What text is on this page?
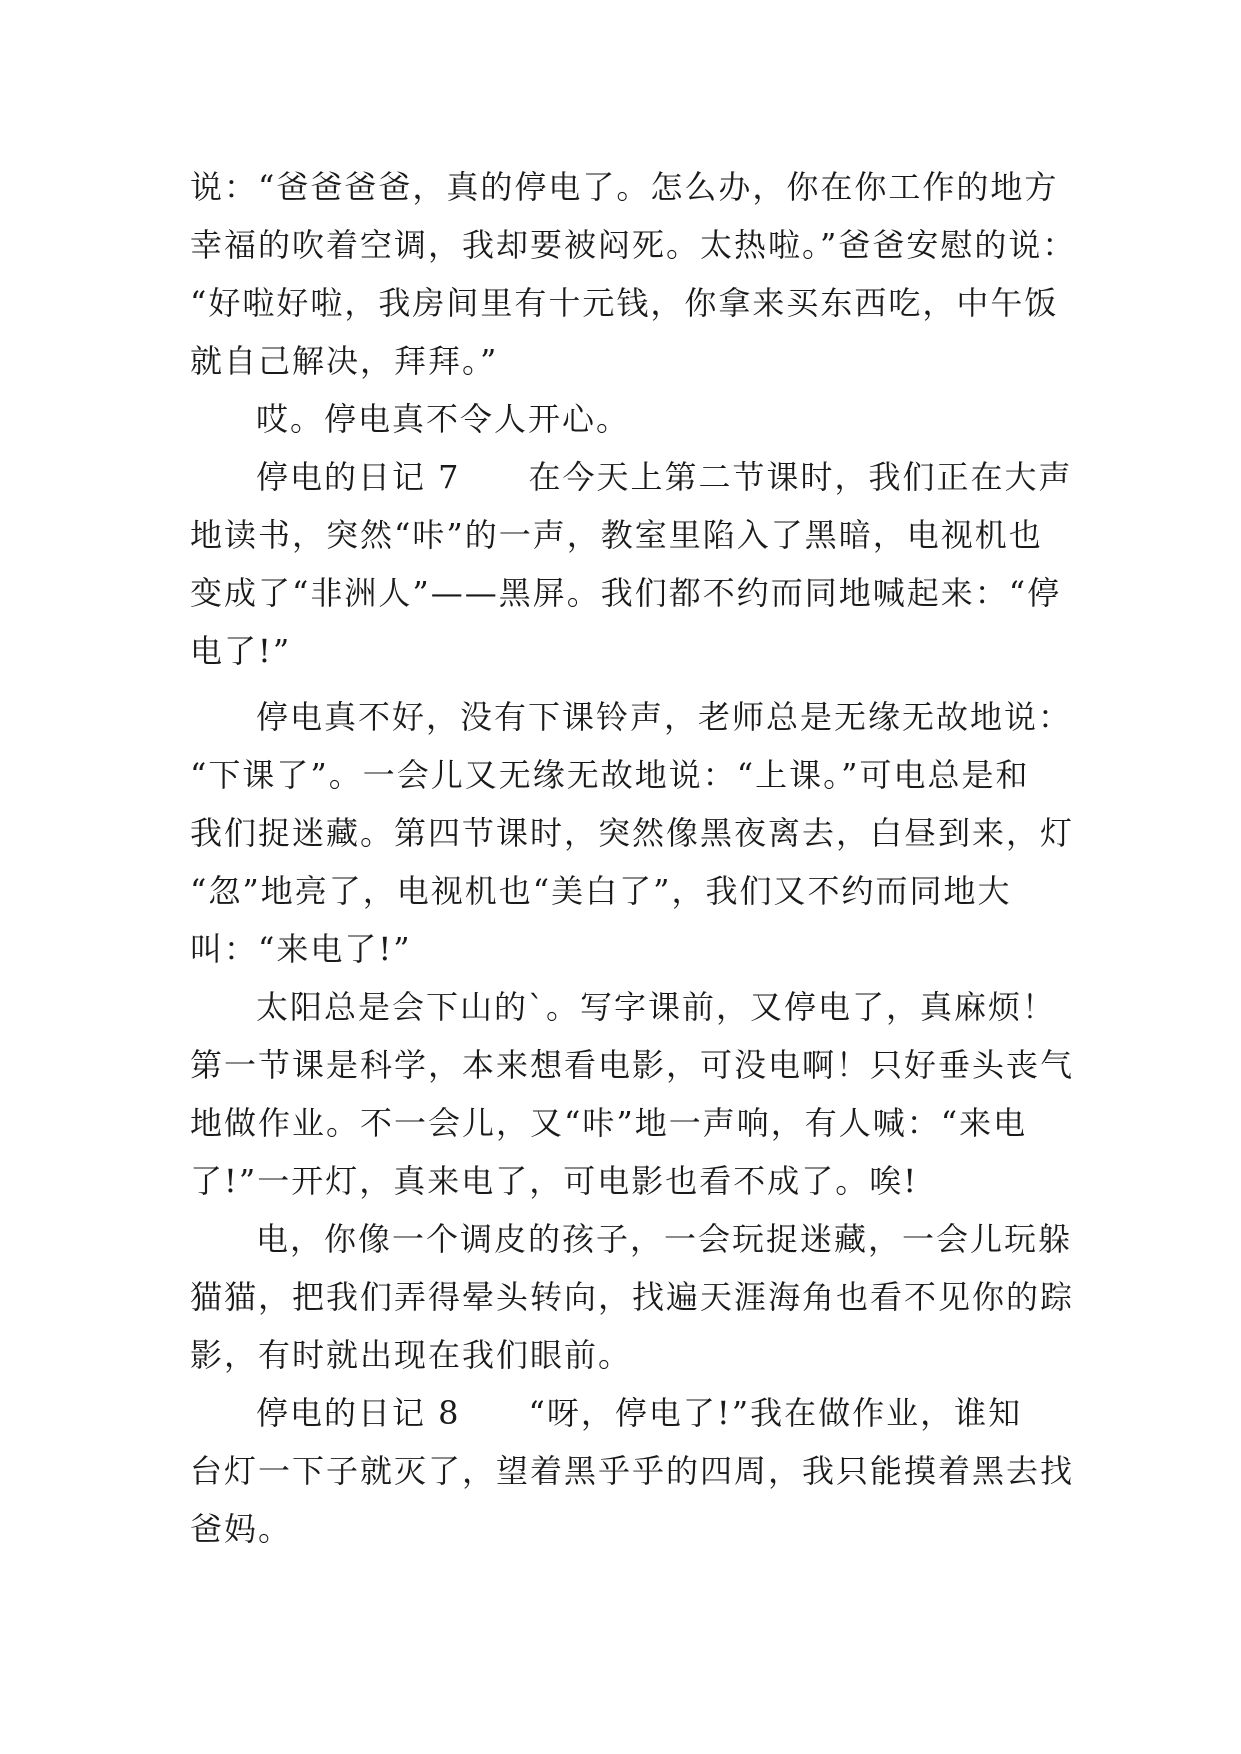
说：“爸爸爸爸，真的停电了。怎么办，你在你工作的地方
幸福的吹着空调，我却要被闷死。太热啦。”爸爸安慰的说：
“好啦好啦，我房间里有十元钱，你拿来买东西吃，中午饭
就自己解决，拜拜。”
哎。停电真不令人开心。
停电的日记 7　　在今天上第二节课时，我们正在大声
地读书，突然“咔”的一声，教室里陷入了黑暗，电视机也
变成了“非洲人”——黑屏。我们都不约而同地喊起来：“停
电了!”
停电真不好，没有下课铃声，老师总是无缘无故地说：
“下课了”。一会儿又无缘无故地说：“上课。”可电总是和
我们捉迷藏。第四节课时，突然像黑夜离去，白昼到来，灯
“忽”地亮了，电视机也“美白了”，我们又不约而同地大
叫：“来电了!”
太阳总是会下山的`。写字课前，又停电了，真麻烦！
第一节课是科学，本来想看电影，可没电啊！只好垂头丧气
地做作业。不一会儿，又“咔”地一声响，有人喊：“来电
了!”一开灯，真来电了，可电影也看不成了。唉!
电，你像一个调皮的孩子，一会玩捉迷藏，一会儿玩躲
猫猫，把我们弄得晕头转向，找遍天涯海角也看不见你的踪
影，有时就出现在我们眼前。
停电的日记 8　　“呀，停电了!”我在做作业，谁知
台灯一下子就灭了，望着黑乎乎的四周，我只能摸着黑去找
爸妈。
